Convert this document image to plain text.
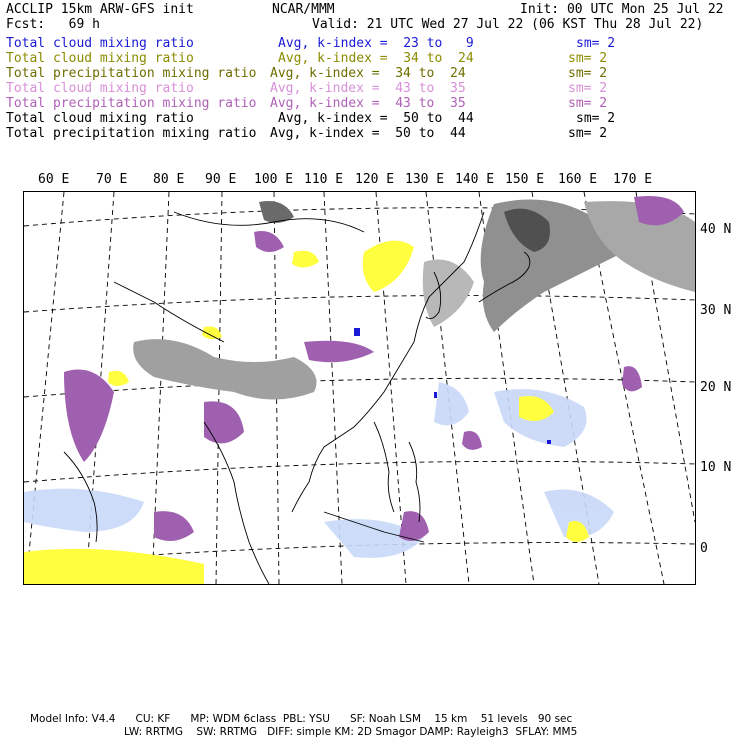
ACCLIP 15km ARW-GFS init	NCAR/MMM	Init: 00 UTC Mon 25 Jul 22
Fcst:   69 h	Valid: 21 UTC Wed 27 Jul 22 (06 KST Thu 28 Jul 22)
Total cloud mixing ratio	Avg, k-index =  23 to   9	sm= 2
Total cloud mixing ratio	Avg, k-index =  34 to  24	sm= 2
Total precipitation mixing ratio Avg, k-index =  34 to  24	sm= 2
Total cloud mixing ratio	Avg, k-index =  43 to  35	sm= 2
Total precipitation mixing ratio Avg, k-index =  43 to  35	sm= 2
Total cloud mixing ratio	Avg, k-index =  50 to  44	sm= 2
Total precipitation mixing ratio Avg, k-index =  50 to  44	sm= 2
60 E 70 E 80 E 90 E 100 E 110 E 120 E 130 E 140 E 150 E 160 E 170 E
40 N
30 N
20 N
10 N
0
Model Info: V4.4      CU: KF      MP: WDM 6class  PBL: YSU      SF: Noah LSM    15 km    51 levels   90 sec
LW: RRTMG    SW: RRTMG   DIFF: simple KM: 2D Smagor DAMP: Rayleigh3  SFLAY: MM5
